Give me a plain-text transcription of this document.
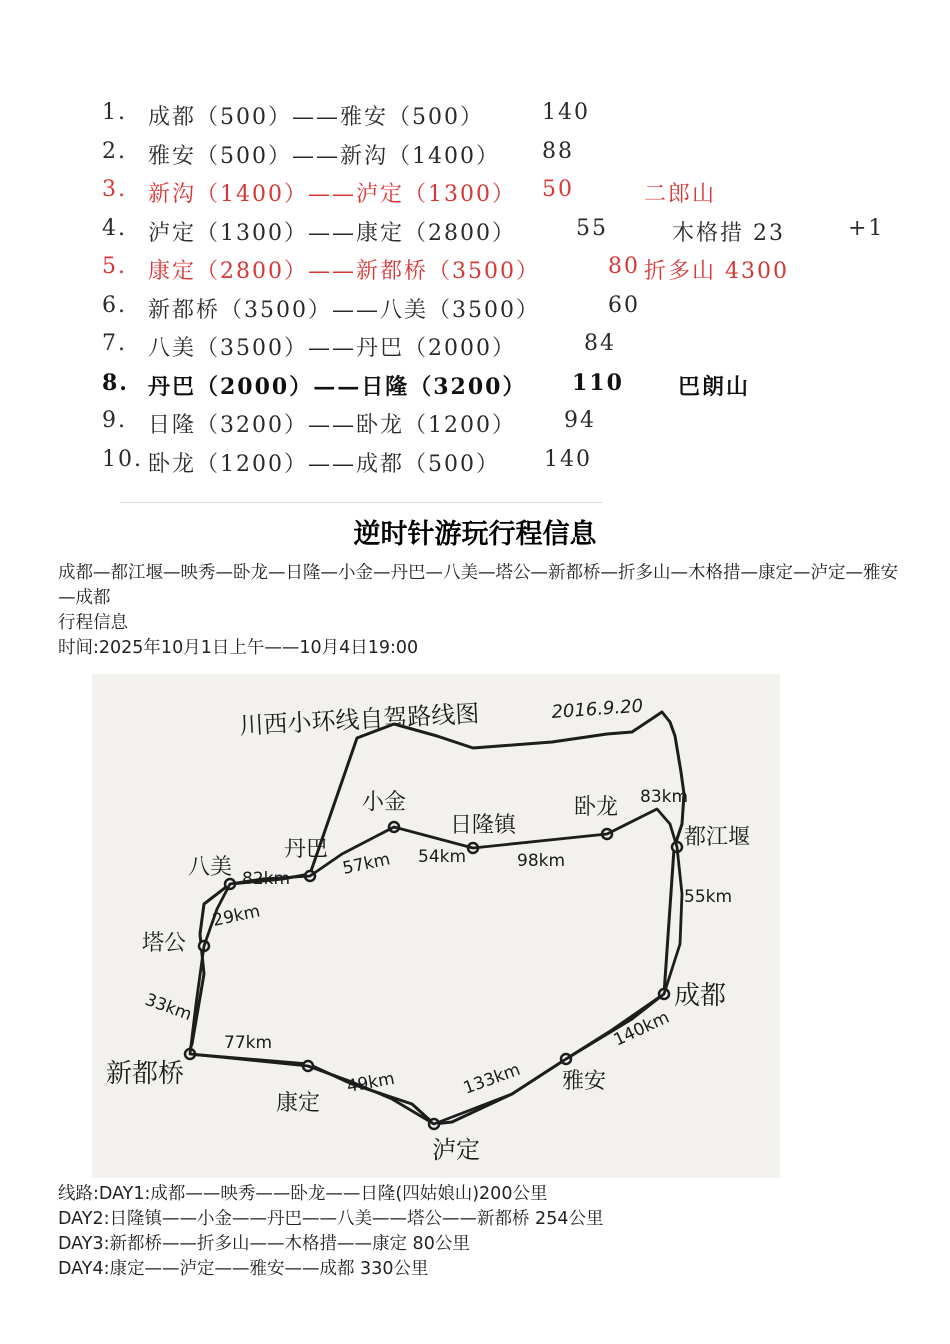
1. 成都（500）——雅安（500）	140
2. 雅安（500）——新沟（1400） 88
3. 新沟（1400）——泸定（1300） 50	二郎山
4. 泸定（1300）——康定（2800）	55	木格措 23	+1
5. 康定（2800）——新都桥（3500）	80 折多山 4300
6. 新都桥（3500）——八美（3500）	60
7. 八美（3500）——丹巴（2000）	84
8. 丹巴（2000）——日隆（3200） 110 巴朗山
9. 日隆（3200）——卧龙（1200） 94
10. 卧龙（1200）——成都（500） 140
逆时针游玩行程信息
成都—都江堰—映秀—卧龙—日隆—小金—丹巴—八美—塔公—新都桥—折多山—木格措—康定—泸定—雅安—成都
行程信息
时间:2025年10月1日上午——10月4日19:00
川西小环线自驾路线图	2016.9.20
小金
日隆镇
卧龙
都江堰
丹巴
八美
塔公
成都
新都桥
康定
泸定
雅安
83km
57km 54km	98km
82km
29km
55km
33km
140km
77km
49km	133km
线路:DAY1:成都——映秀——卧龙——日隆(四姑娘山)200公里
DAY2:日隆镇——小金——丹巴——八美——塔公——新都桥 254公里
DAY3:新都桥——折多山——木格措——康定 80公里
DAY4:康定——泸定——雅安——成都 330公里
